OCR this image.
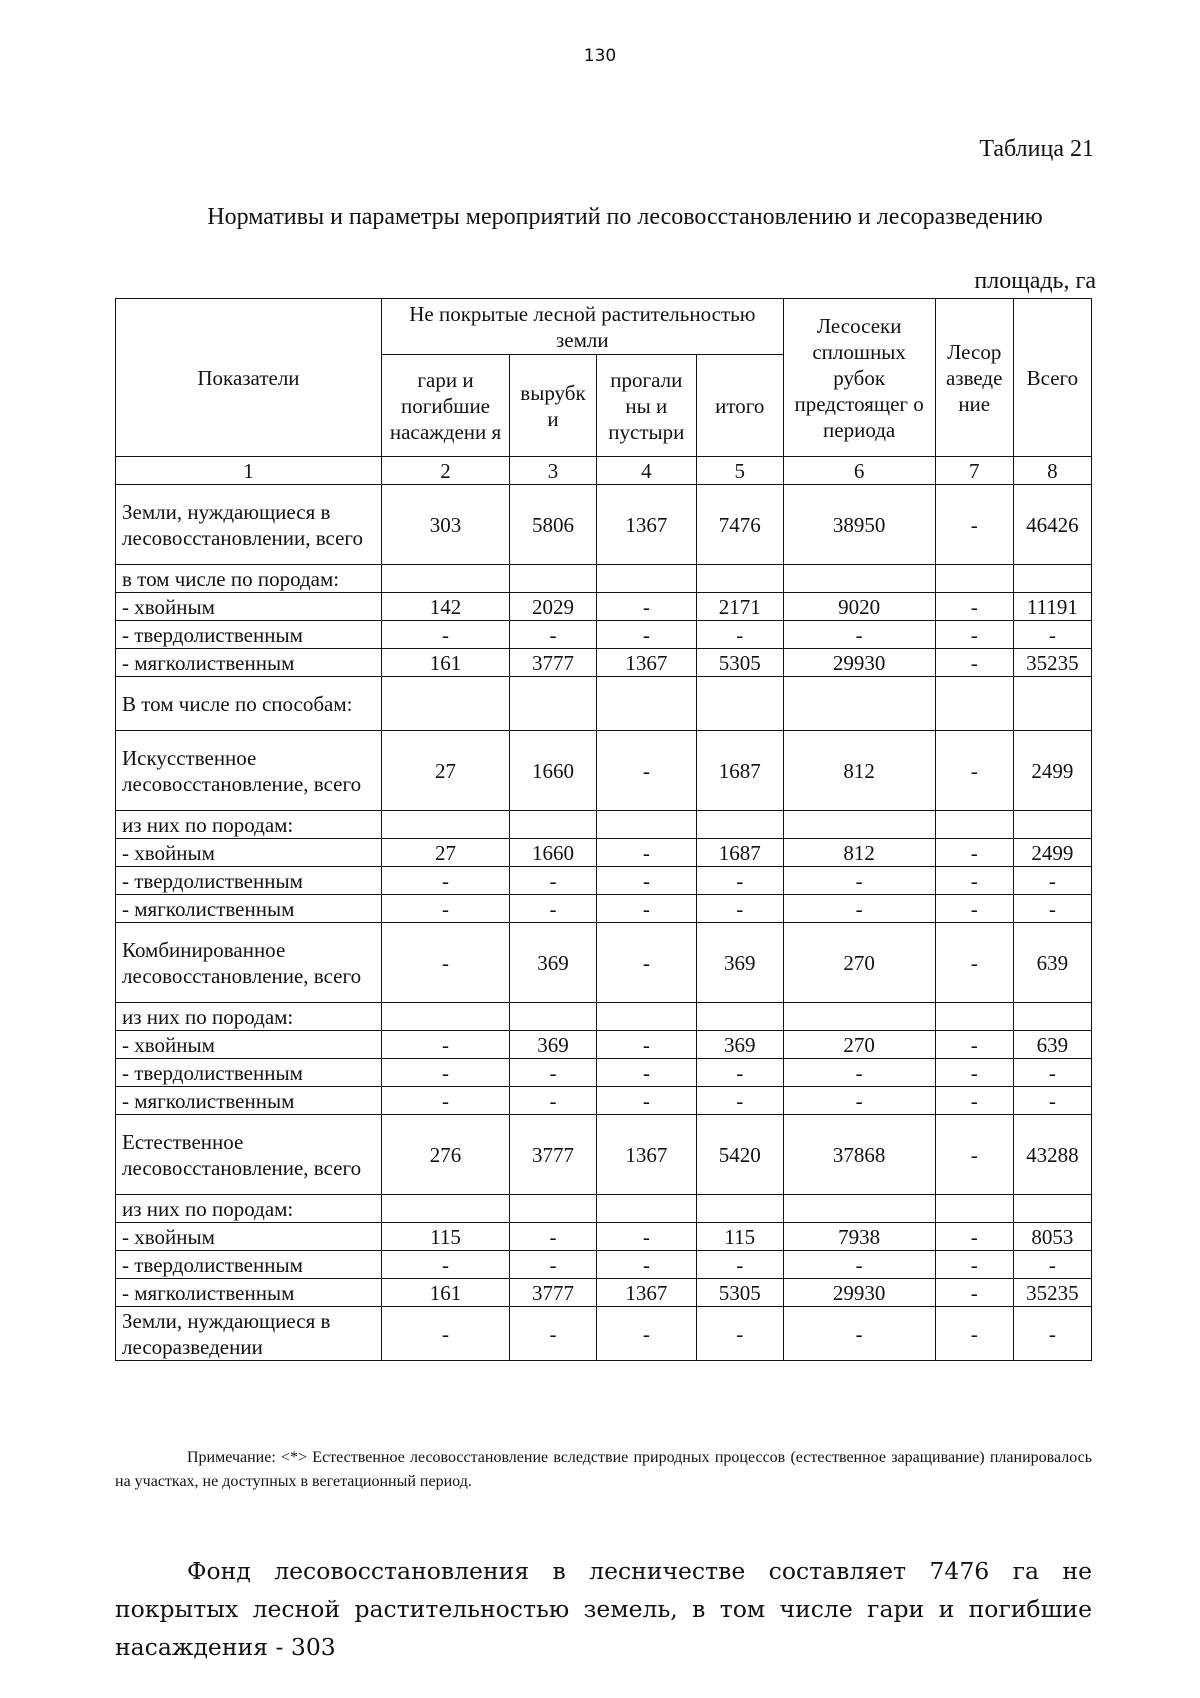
130
Таблица 21
Нормативы и параметры мероприятий по лесовосстановлению и лесоразведению
площадь, га
Показатели	Не покрытые лесной растительностью земли				Лесосеки сплошных рубок предстоящег о периода	Лесор азведе ние	Всего
	гари и погибшие насаждени я	вырубк и	прогали ны и пустыри	итого			
1	2	3	4	5	6	7	8
Земли, нуждающиеся в лесовосстановлении, всего	303	5806	1367	7476	38950	-	46426
в том числе по породам:							
- хвойным	142	2029	-	2171	9020	-	11191
- твердолиственным	-	-	-	-	-	-	-
- мягколиственным	161	3777	1367	5305	29930	-	35235
В том числе по способам:							
Искусственное лесовосстановление, всего	27	1660	-	1687	812	-	2499
из них по породам:							
- хвойным	27	1660	-	1687	812	-	2499
- твердолиственным	-	-	-	-	-	-	-
- мягколиственным	-	-	-	-	-	-	-
Комбинированное лесовосстановление, всего	-	369	-	369	270	-	639
из них по породам:							
- хвойным	-	369	-	369	270	-	639
- твердолиственным	-	-	-	-	-	-	-
- мягколиственным	-	-	-	-	-	-	-
Естественное лесовосстановление, всего	276	3777	1367	5420	37868	-	43288
из них по породам:							
- хвойным	115	-	-	115	7938	-	8053
- твердолиственным	-	-	-	-	-	-	-
- мягколиственным	161	3777	1367	5305	29930	-	35235
Земли, нуждающиеся в лесоразведении	-	-	-	-	-	-	-
Примечание: <*> Естественное лесовосстановление вследствие природных процессов (естественное заращивание) планировалось на участках, не доступных в вегетационный период.
Фонд лесовосстановления в лесничестве составляет 7476 га не покрытых лесной растительностью земель, в том числе гари и погибшие насаждения - 303
